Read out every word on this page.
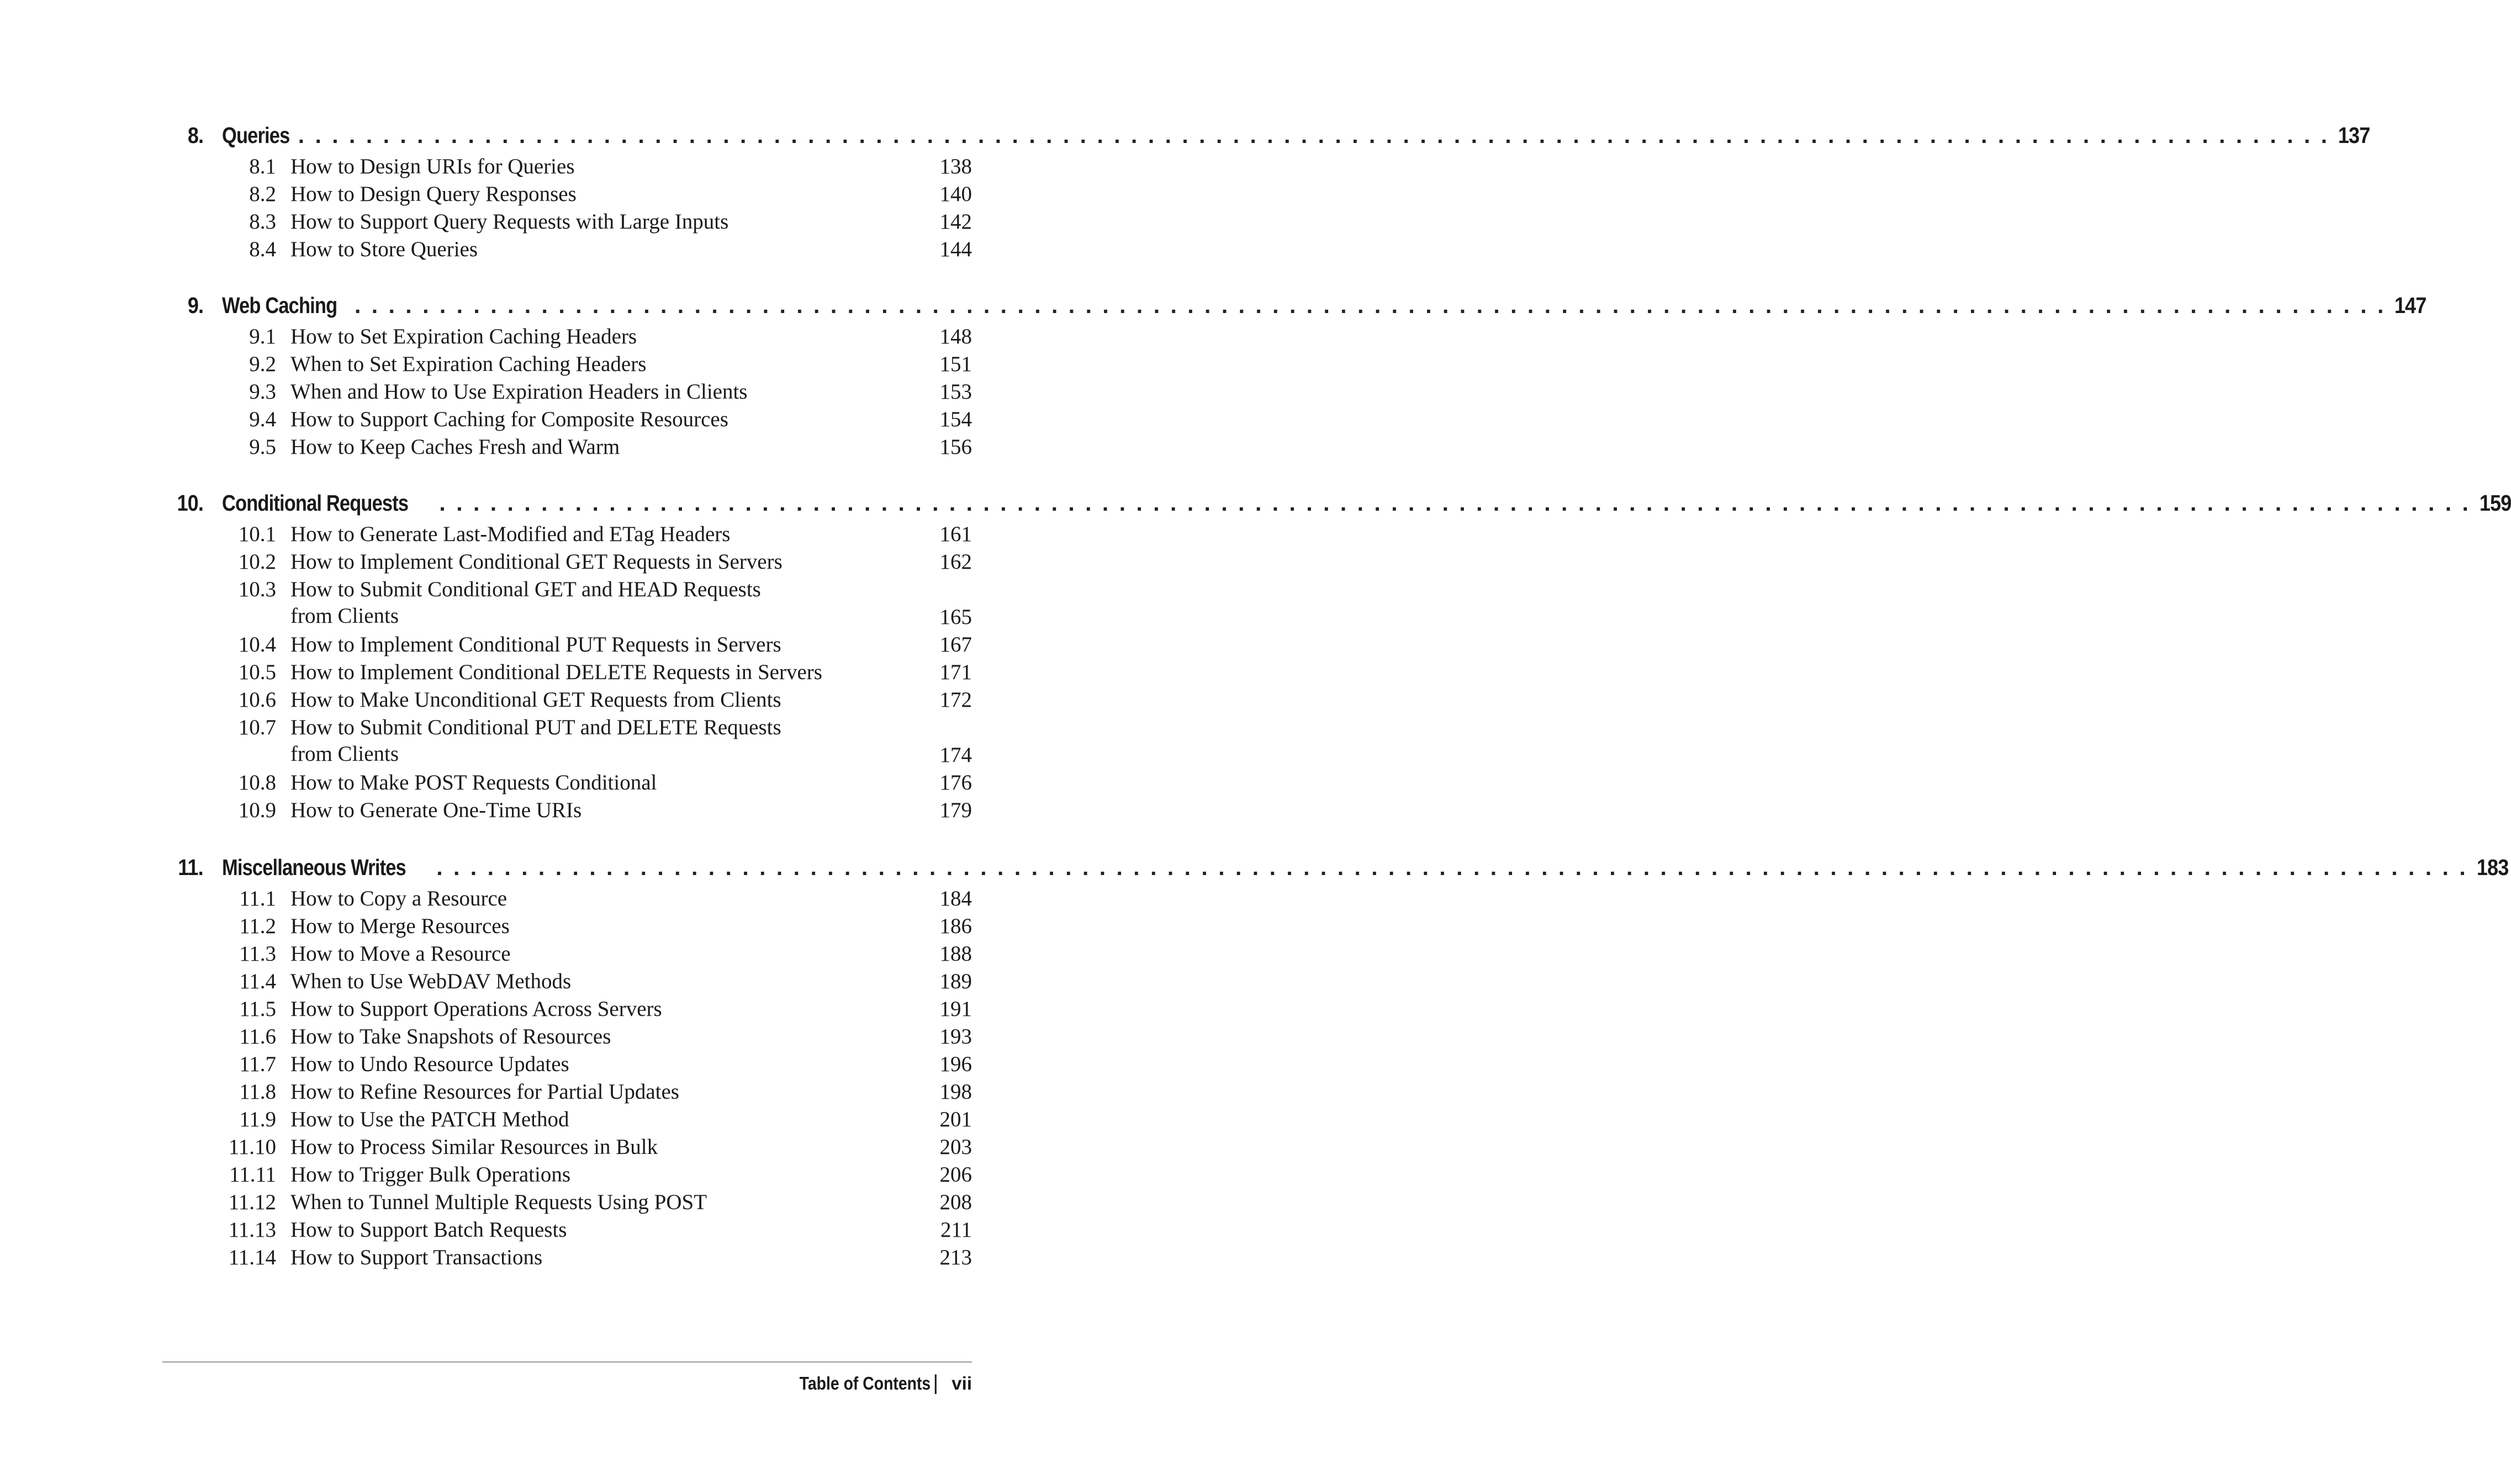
8. Queries . . . . . . . . . . . . . . . . . . . . . . . . . . . . . . . . . . . . . . . . . . . . . . . . . . . . . . . . . . . . . . . . . . . . . . . . . . . . . . . . . . . . . . . . . . . . . . . . . . . . . . . . . . . . . . . . . . . . . . . . 137
8.1 How to Design URIs for Queries	138
8.2 How to Design Query Responses	140
8.3 How to Support Query Requests with Large Inputs	142
8.4 How to Store Queries	144
9. Web Caching . . . . . . . . . . . . . . . . . . . . . . . . . . . . . . . . . . . . . . . . . . . . . . . . . . . . . . . . . . . . . . . . . . . . . . . . . . . . . . . . . . . . . . . . . . . . . . . . . . . . . . . . . . . . . . . . . . . . . . . . 147
9.1 How to Set Expiration Caching Headers	148
9.2 When to Set Expiration Caching Headers	151
9.3 When and How to Use Expiration Headers in Clients	153
9.4 How to Support Caching for Composite Resources	154
9.5 How to Keep Caches Fresh and Warm	156
10. Conditional Requests . . . . . . . . . . . . . . . . . . . . . . . . . . . . . . . . . . . . . . . . . . . . . . . . . . . . . . . . . . . . . . . . . . . . . . . . . . . . . . . . . . . . . . . . . . . . . . . . . . . . . . . . . . . . . . . . . . . . . . . . 159
10.1 How to Generate Last-Modified and ETag Headers	161
10.2 How to Implement Conditional GET Requests in Servers	162
10.3 How to Submit Conditional GET and HEAD Requests
from Clients	165
10.4 How to Implement Conditional PUT Requests in Servers	167
10.5 How to Implement Conditional DELETE Requests in Servers	171
10.6 How to Make Unconditional GET Requests from Clients	172
10.7 How to Submit Conditional PUT and DELETE Requests
from Clients	174
10.8 How to Make POST Requests Conditional	176
10.9 How to Generate One-Time URIs	179
11. Miscellaneous Writes . . . . . . . . . . . . . . . . . . . . . . . . . . . . . . . . . . . . . . . . . . . . . . . . . . . . . . . . . . . . . . . . . . . . . . . . . . . . . . . . . . . . . . . . . . . . . . . . . . . . . . . . . . . . . . . . . . . . . . . . 183
11.1 How to Copy a Resource	184
11.2 How to Merge Resources	186
11.3 How to Move a Resource	188
11.4 When to Use WebDAV Methods	189
11.5 How to Support Operations Across Servers	191
11.6 How to Take Snapshots of Resources	193
11.7 How to Undo Resource Updates	196
11.8 How to Refine Resources for Partial Updates	198
11.9 How to Use the PATCH Method	201
11.10 How to Process Similar Resources in Bulk	203
11.11 How to Trigger Bulk Operations	206
11.12 When to Tunnel Multiple Requests Using POST	208
11.13 How to Support Batch Requests	211
11.14 How to Support Transactions	213
Table of Contents | vii
